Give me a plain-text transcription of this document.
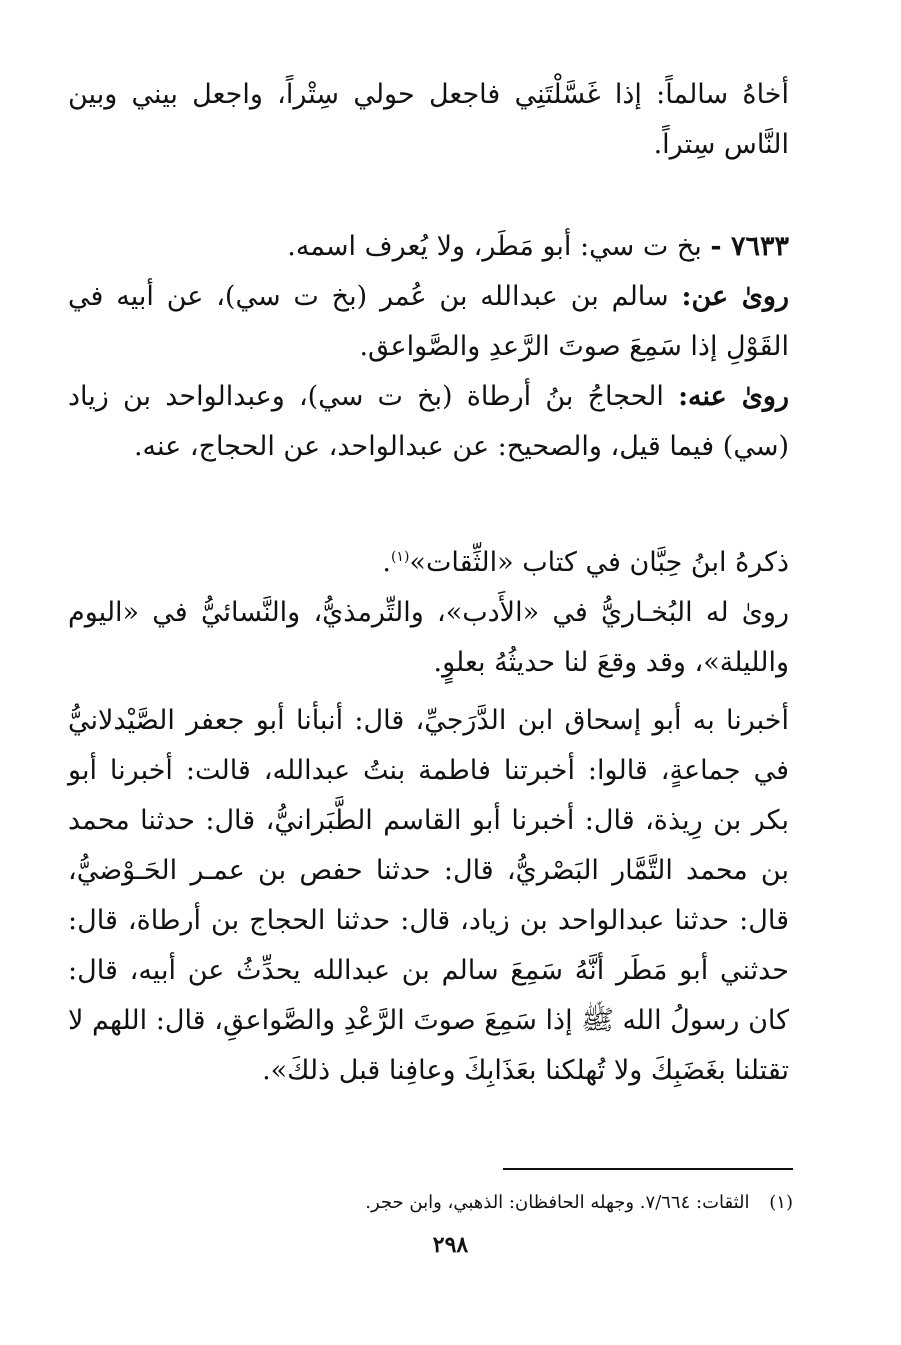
أخاهُ سالماً: إذا غَسَّلْتَنِي فاجعل حولي سِتْراً، واجعل بيني وبين النَّاس سِتراً.

٧٦٣٣ - بخ ت سي: أبو مَطَر، ولا يُعرف اسمه.

روىٰ عن: سالم بن عبدالله بن عُمر (بخ ت سي)، عن أبيه في القَوْلِ إذا سَمِعَ صوتَ الرَّعدِ والصَّواعق.

روىٰ عنه: الحجاجُ بنُ أرطاة (بخ ت سي)، وعبدالواحد بن زياد (سي) فيما قيل، والصحيح: عن عبدالواحد، عن الحجاج، عنه.

ذكرهُ ابنُ حِبَّان في كتاب «الثِّقات»$^{(١)}$.

روىٰ له البُخـاريُّ في «الأَدب»، والتِّرمذيُّ، والنَّسائيُّ في «اليوم والليلة»، وقد وقعَ لنا حديثُهُ بعلوٍ.

أخبرنا به أبو إسحاق ابن الدَّرَجيِّ، قال: أنبأنا أبو جعفر الصَّيْدلانيُّ في جماعةٍ، قالوا: أخبرتنا فاطمة بنتُ عبدالله، قالت: أخبرنا أبو بكر بن رِيذة، قال: أخبرنا أبو القاسم الطَّبَرانيُّ، قال: حدثنا محمد بن محمد التَّمَّار البَصْريُّ، قال: حدثنا حفص بن عمـر الحَـوْضيُّ، قال: حدثنا عبدالواحد بن زياد، قال: حدثنا الحجاج بن أرطاة، قال: حدثني أبو مَطَر أنَّهُ سَمِعَ سالم بن عبدالله يحدِّثُ عن أبيه، قال: كان رسولُ الله ﷺ إذا سَمِعَ صوتَ الرَّعْدِ والصَّواعقِ، قال: اللهم لا تقتلنا بغَضَبِكَ ولا تُهلكنا بعَذَابِكَ وعافِنا قبل ذلكَ».

(١) الثقات: ٧/٦٦٤. وجهله الحافظان: الذهبي، وابن حجر.
٢٩٨
